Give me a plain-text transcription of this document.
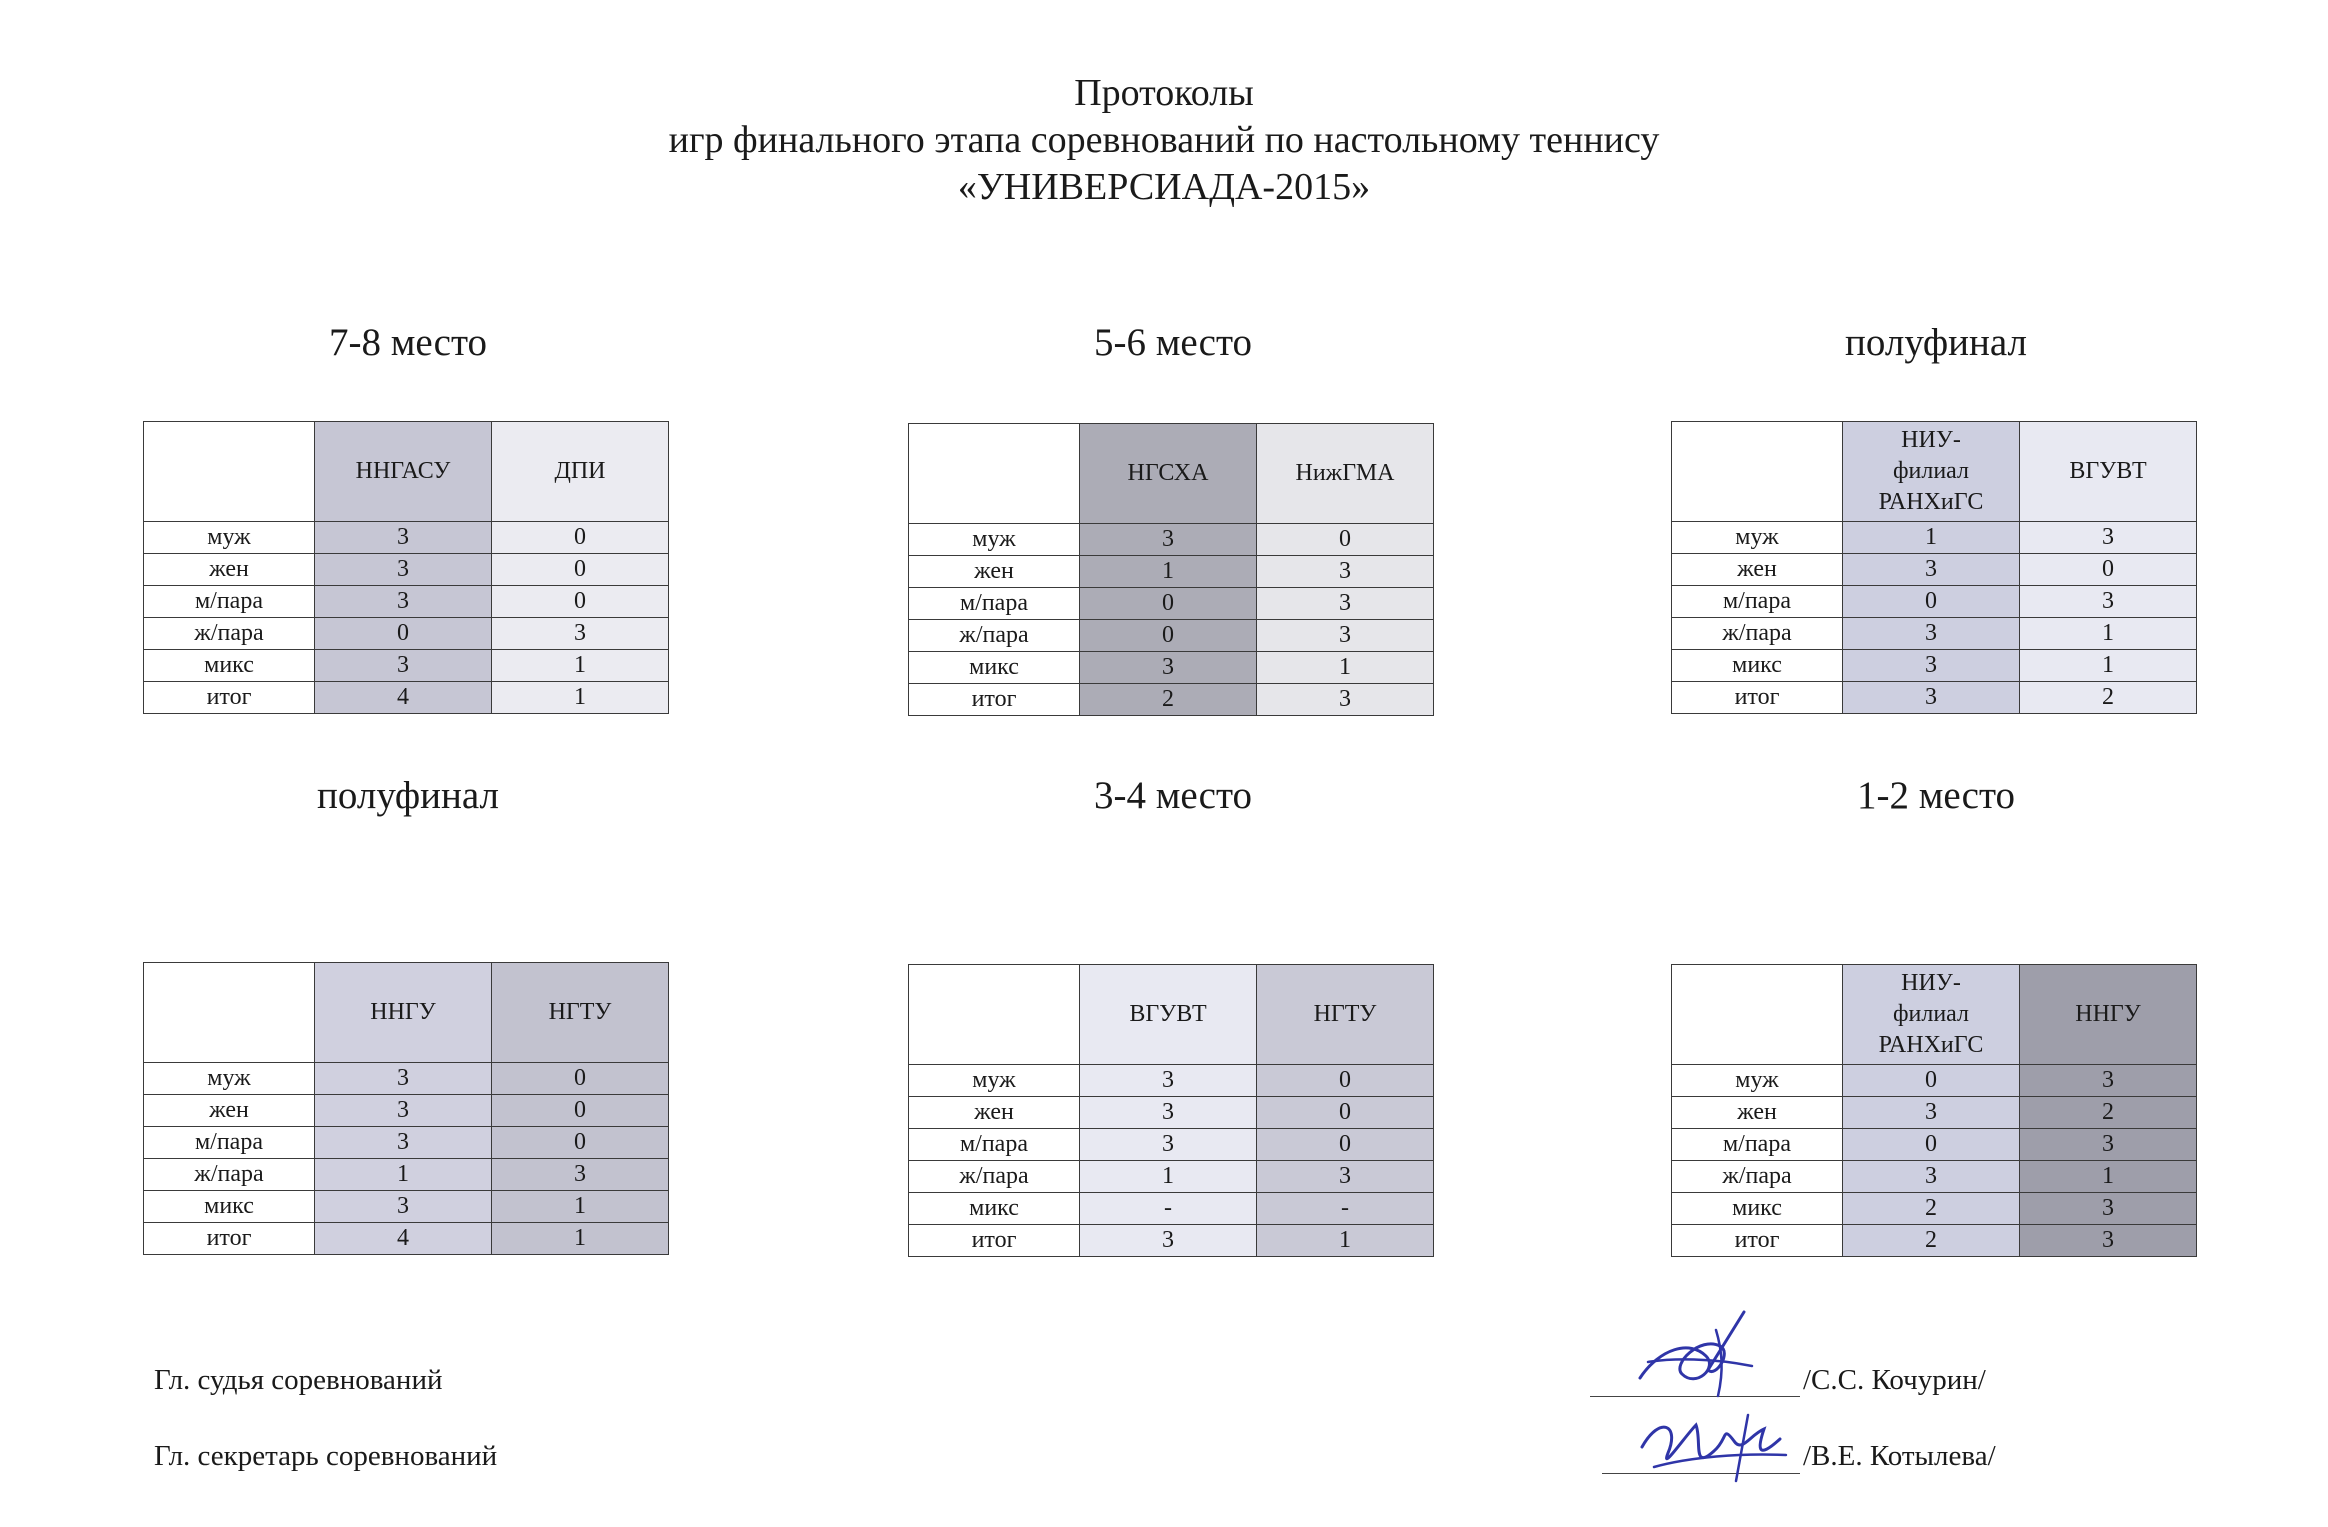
Протоколы
игр финального этапа соревнований по настольному теннису
«УНИВЕРСИАДА-2015»
7-8 место
	ННГАСУ	ДПИ
муж	3	0
жен	3	0
м/пара	3	0
ж/пара	0	3
микс	3	1
итог	4	1
5-6 место
	НГСХА	НижГМА
муж	3	0
жен	1	3
м/пара	0	3
ж/пара	0	3
микс	3	1
итог	2	3
полуфинал
	НИУ-
филиал
РАНХиГС	ВГУВТ
муж	1	3
жен	3	0
м/пара	0	3
ж/пара	3	1
микс	3	1
итог	3	2
полуфинал
	ННГУ	НГТУ
муж	3	0
жен	3	0
м/пара	3	0
ж/пара	1	3
микс	3	1
итог	4	1
3-4 место
	ВГУВТ	НГТУ
муж	3	0
жен	3	0
м/пара	3	0
ж/пара	1	3
микс	-	-
итог	3	1
1-2 место
	НИУ-
филиал
РАНХиГС	ННГУ
муж	0	3
жен	3	2
м/пара	0	3
ж/пара	3	1
микс	2	3
итог	2	3
Гл. судья соревнований
Гл. секретарь соревнований
/С.С. Кочурин/
/В.Е. Котылева/
